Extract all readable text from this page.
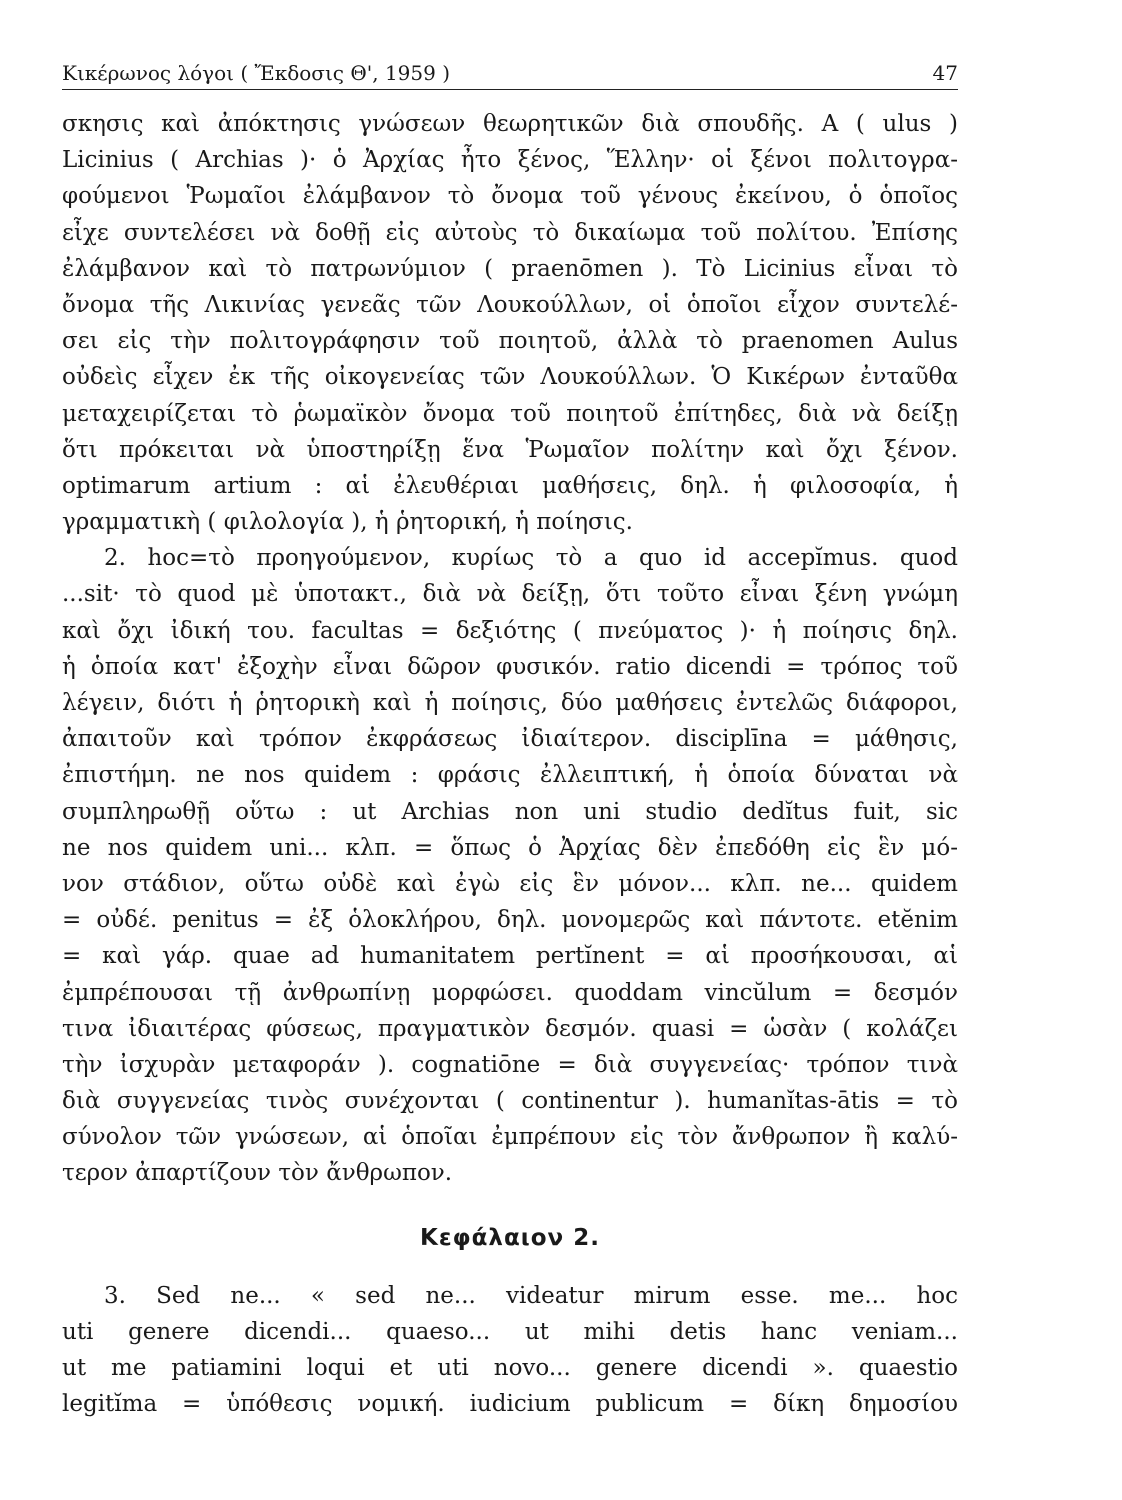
Κικέρωνος λόγοι ( Ἔκδοσις Θ', 1959 )	47
σκησις καὶ ἀπόκτησις γνώσεων θεωρητικῶν διὰ σπουδῆς. A ( ulus )
Licinius ( Archias )· ὁ Ἀρχίας ἦτο ξένος, Ἕλλην· οἱ ξένοι πολιτογρα-
φούμενοι Ῥωμαῖοι ἐλάμβανον τὸ ὄνομα τοῦ γένους ἐκείνου, ὁ ὁποῖος
εἶχε συντελέσει νὰ δοθῇ εἰς αὐτοὺς τὸ δικαίωμα τοῦ πολίτου. Ἐπίσης
ἐλάμβανον καὶ τὸ πατρωνύμιον ( praenōmen ). Τὸ Licinius εἶναι τὸ
ὄνομα τῆς Λικινίας γενεᾶς τῶν Λουκούλλων, οἱ ὁποῖοι εἶχον συντελέ-
σει εἰς τὴν πολιτογράφησιν τοῦ ποιητοῦ, ἀλλὰ τὸ praenomen Aulus
οὐδεὶς εἶχεν ἐκ τῆς οἰκογενείας τῶν Λουκούλλων. Ὁ Κικέρων ἐνταῦθα
μεταχειρίζεται τὸ ῥωμαϊκὸν ὄνομα τοῦ ποιητοῦ ἐπίτηδες, διὰ νὰ δείξῃ
ὅτι πρόκειται νὰ ὑποστηρίξῃ ἕνα Ῥωμαῖον πολίτην καὶ ὄχι ξένον.
optimarum artium : αἱ ἐλευθέριαι μαθήσεις, δηλ. ἡ φιλοσοφία, ἡ
γραμματικὴ ( φιλολογία ), ἡ ῥητορική, ἡ ποίησις.
2. hoc=τὸ προηγούμενον, κυρίως τὸ a quo id accepĭmus. quod
...sit· τὸ quod μὲ ὑποτακτ., διὰ νὰ δείξῃ, ὅτι τοῦτο εἶναι ξένη γνώμη
καὶ ὄχι ἰδική του. facultas = δεξιότης ( πνεύματος )· ἡ ποίησις δηλ.
ἡ ὁποία κατ' ἐξοχὴν εἶναι δῶρον φυσικόν. ratio dicendi = τρόπος τοῦ
λέγειν, διότι ἡ ῥητορικὴ καὶ ἡ ποίησις, δύο μαθήσεις ἐντελῶς διάφοροι,
ἀπαιτοῦν καὶ τρόπον ἐκφράσεως ἰδιαίτερον. disciplīna = μάθησις,
ἐπιστήμη. ne nos quidem : φράσις ἐλλειπτική, ἡ ὁποία δύναται νὰ
συμπληρωθῇ οὕτω : ut Archias non uni studio dedĭtus fuit, sic
ne nos quidem uni... κλπ. = ὅπως ὁ Ἀρχίας δὲν ἐπεδόθη εἰς ἓν μό-
νον στάδιον, οὕτω οὐδὲ καὶ ἐγὼ εἰς ἓν μόνον... κλπ. ne... quidem
= οὐδέ. penitus = ἐξ ὁλοκλήρου, δηλ. μονομερῶς καὶ πάντοτε. etĕnim
= καὶ γάρ. quae ad humanitatem pertĭnent = αἱ προσήκουσαι, αἱ
ἐμπρέπουσαι τῇ ἀνθρωπίνῃ μορφώσει. quoddam vincŭlum = δεσμόν
τινα ἰδιαιτέρας φύσεως, πραγματικὸν δεσμόν. quasi = ὡσὰν ( κολάζει
τὴν ἰσχυρὰν μεταφοράν ). cognatiōne = διὰ συγγενείας· τρόπον τινὰ
διὰ συγγενείας τινὸς συνέχονται ( continentur ). humanĭtas-ātis = τὸ
σύνολον τῶν γνώσεων, αἱ ὁποῖαι ἐμπρέπουν εἰς τὸν ἄνθρωπον ἢ καλύ-
τερον ἀπαρτίζουν τὸν ἄνθρωπον.
Κεφάλαιον 2.
3. Sed ne... « sed ne... videatur mirum esse. me... hoc
uti genere dicendi... quaeso... ut mihi detis hanc veniam...
ut me patiamini loqui et uti novo... genere dicendi ». quaestio
legitĭma = ὑπόθεσις νομική. iudicium publicum = δίκη δημοσίου
